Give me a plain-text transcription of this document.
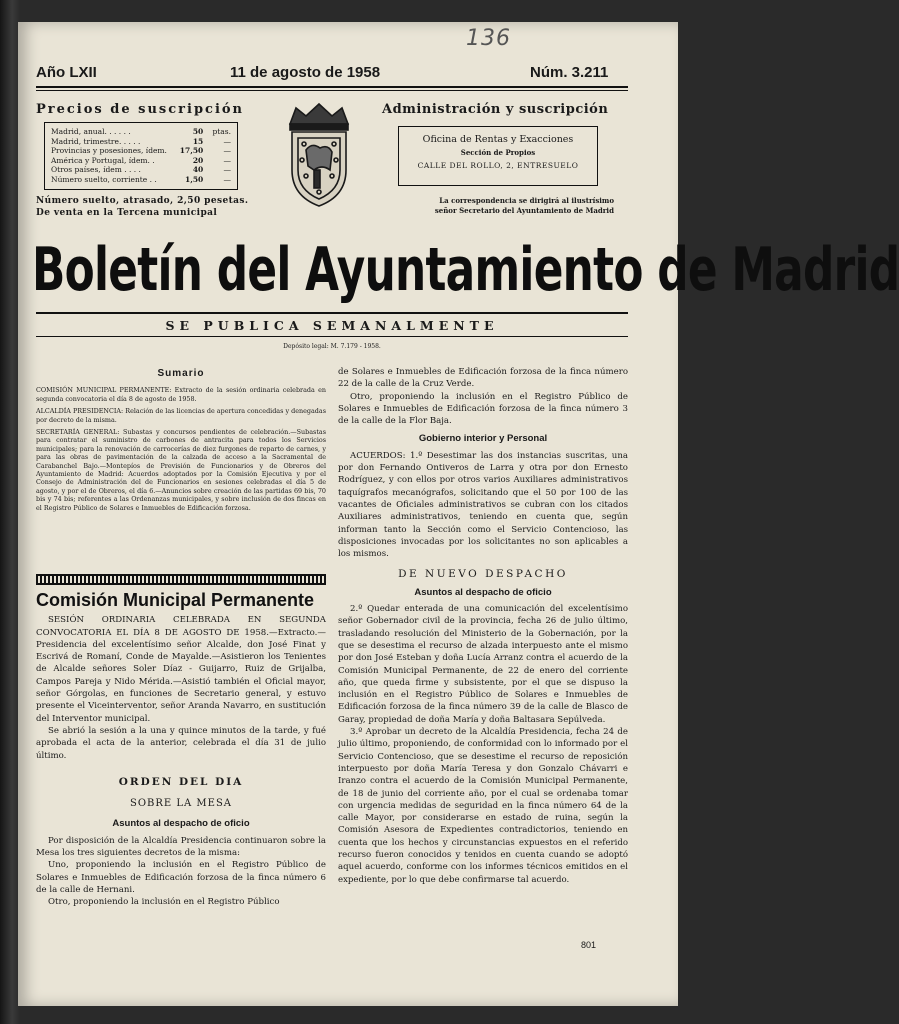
136
Año LXII	11 de agosto de 1958	Núm. 3.211
Precios de suscripción
Madrid, anual. . . . . .	50	ptas.
Madrid, trimestre. . . . .	15	—
Provincias y posesiones, ídem.	17,50	—
América y Portugal, ídem. .	20	—
Otros países, ídem . . . .	40	—
Número suelto, corriente . .	1,50	—
Número suelto, atrasado, 2,50 pesetas.
De venta en la Tercena municipal
Administración y suscripción
Oficina de Rentas y Exacciones
Sección de Propios
CALLE DEL ROLLO, 2, ENTRESUELO
La correspondencia se dirigirá al ilustrísimo
señor Secretario del Ayuntamiento de Madrid
Boletín del Ayuntamiento de Madrid
SE PUBLICA SEMANALMENTE
Depósito legal: M. 7.179 - 1958.
Sumario

COMISIÓN MUNICIPAL PERMANENTE: Extracto de la sesión ordinaria celebrada en segunda convocatoria el día 8 de agosto de 1958.

ALCALDÍA PRESIDENCIA: Relación de las licencias de apertura concedidas y denegadas por decreto de la misma.

SECRETARÍA GENERAL: Subastas y concursos pendientes de celebración.—Subastas para contratar el suministro de carbones de antracita para todos los Servicios municipales; para la renovación de carrocerías de diez furgones de reparto de carnes, y para las obras de pavimentación de la calzada de acceso a la Sacramental de Carabanchel Bajo.—Montepíos de Previsión de Funcionarios y de Obreros del Ayuntamiento de Madrid: Acuerdos adoptados por la Comisión Ejecutiva y por el Consejo de Administración del de Funcionarios en sesiones celebradas el día 5 de agosto, y por el de Obreros, el día 6.—Anuncios sobre creación de las partidas 69 bis, 70 bis y 74 bis; referentes a las Ordenanzas municipales, y sobre inclusión de dos fincas en el Registro Público de Solares e Inmuebles de Edificación forzosa.

Comisión Municipal Permanente

SESIÓN ORDINARIA CELEBRADA EN SEGUNDA CONVOCATORIA EL DÍA 8 DE AGOSTO DE 1958.—Extracto.—Presidencia del excelentísimo señor Alcalde, don José Finat y Escrivá de Romaní, Conde de Mayalde.—Asistieron los Tenientes de Alcalde señores Soler Díaz - Guijarro, Ruiz de Grijalba, Campos Pareja y Nido Mérida.—Asistió también el Oficial mayor, señor Górgolas, en funciones de Secretario general, y estuvo presente el Viceinterventor, señor Aranda Navarro, en sustitución del Interventor municipal.

Se abrió la sesión a la una y quince minutos de la tarde, y fué aprobada el acta de la anterior, celebrada el día 31 de julio último.

ORDEN DEL DIA
SOBRE LA MESA
Asuntos al despacho de oficio

Por disposición de la Alcaldía Presidencia continuaron sobre la Mesa los tres siguientes decretos de la misma:

Uno, proponiendo la inclusión en el Registro Público de Solares e Inmuebles de Edificación forzosa de la finca número 6 de la calle de Hernani.

Otro, proponiendo la inclusión en el Registro Público

de Solares e Inmuebles de Edificación forzosa de la finca número 22 de la calle de la Cruz Verde.

Otro, proponiendo la inclusión en el Registro Público de Solares e Inmuebles de Edificación forzosa de la finca número 3 de la calle de la Flor Baja.

Gobierno interior y Personal

ACUERDOS: 1.º Desestimar las dos instancias suscritas, una por don Fernando Ontiveros de Larra y otra por don Ernesto Rodríguez, y con ellos por otros varios Auxiliares administrativos taquígrafos mecanógrafos, solicitando que el 50 por 100 de las vacantes de Oficiales administrativos se cubran con los citados Auxiliares administrativos, teniendo en cuenta que, según informan tanto la Sección como el Servicio Contencioso, las disposiciones invocadas por los solicitantes no son aplicables a los mismos.

DE NUEVO DESPACHO
Asuntos al despacho de oficio

2.º Quedar enterada de una comunicación del excelentísimo señor Gobernador civil de la provincia, fecha 26 de julio último, trasladando resolución del Ministerio de la Gobernación, por la que se desestima el recurso de alzada interpuesto ante el mismo por don José Esteban y doña Lucía Arranz contra el acuerdo de la Comisión Municipal Permanente, de 22 de enero del corriente año, que queda firme y subsistente, por el que se dispuso la inclusión en el Registro Público de Solares e Inmuebles de Edificación forzosa de la finca número 39 de la calle de Blasco de Garay, propiedad de doña María y doña Baltasara Sepúlveda.

3.º Aprobar un decreto de la Alcaldía Presidencia, fecha 24 de julio último, proponiendo, de conformidad con lo informado por el Servicio Contencioso, que se desestime el recurso de reposición interpuesto por doña María Teresa y don Gonzalo Chávarri e Iranzo contra el acuerdo de la Comisión Municipal Permanente, de 18 de junio del corriente año, por el cual se ordenaba tomar con urgencia medidas de seguridad en la finca número 64 de la calle Mayor, por considerarse en estado de ruina, según la Comisión Asesora de Expedientes contradictorios, teniendo en cuenta que los hechos y circunstancias expuestos en el referido recurso fueron conocidos y tenidos en cuenta cuando se adoptó aquel acuerdo, conforme con los informes técnicos emitidos en el expediente, por lo que debe confirmarse tal acuerdo.

801
